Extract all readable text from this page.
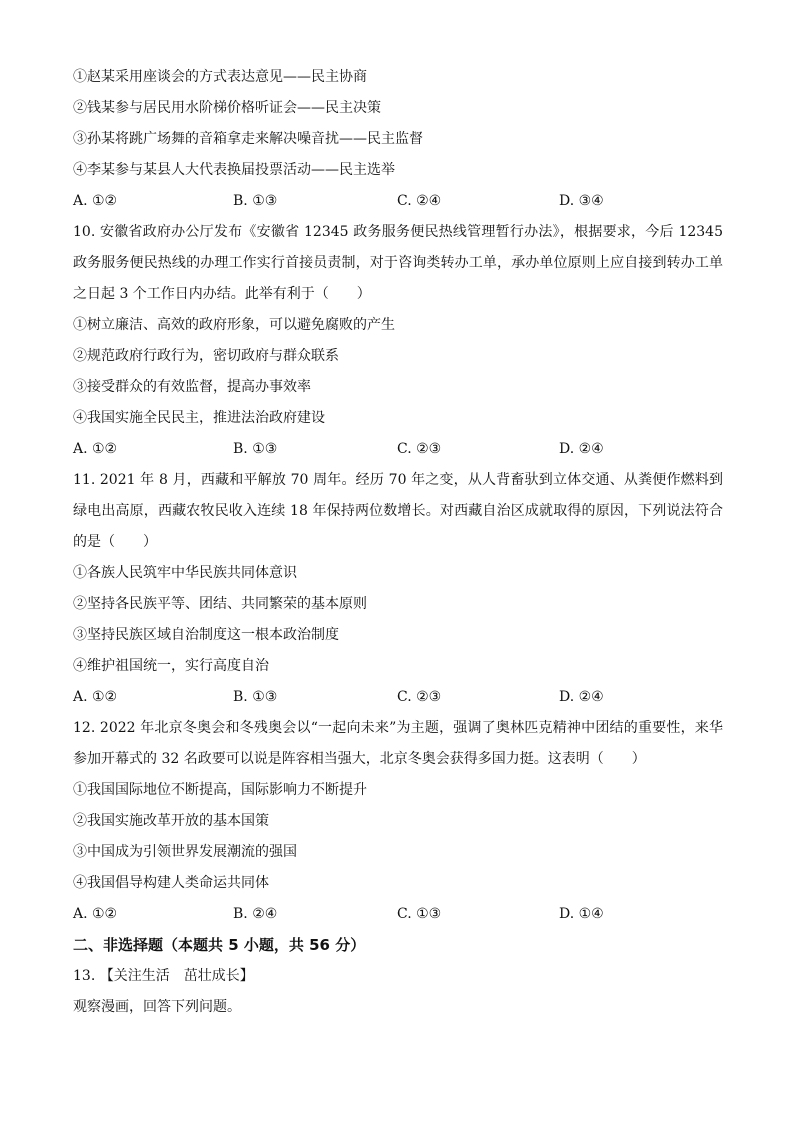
①赵某采用座谈会的方式表达意见——民主协商
②钱某参与居民用水阶梯价格听证会——民主决策
③孙某将跳广场舞的音箱拿走来解决噪音扰——民主监督
④李某参与某县人大代表换届投票活动——民主选举
A. ①②	B. ①③	C. ②④	D. ③④
10. 安徽省政府办公厅发布《安徽省 12345 政务服务便民热线管理暂行办法》，根据要求，今后 12345 政务服务便民热线的办理工作实行首接员责制，对于咨询类转办工单，承办单位原则上应自接到转办工单之日起 3 个工作日内办结。此举有利于（　　）
①树立廉洁、高效的政府形象，可以避免腐败的产生
②规范政府行政行为，密切政府与群众联系
③接受群众的有效监督，提高办事效率
④我国实施全民民主，推进法治政府建设
A. ①②	B. ①③	C. ②③	D. ②④
11. 2021 年 8 月，西藏和平解放 70 周年。经历 70 年之变，从人背畜驮到立体交通、从粪便作燃料到绿电出高原，西藏农牧民收入连续 18 年保持两位数增长。对西藏自治区成就取得的原因，下列说法符合的是（　　）
①各族人民筑牢中华民族共同体意识
②坚持各民族平等、团结、共同繁荣的基本原则
③坚持民族区域自治制度这一根本政治制度
④维护祖国统一，实行高度自治
A. ①②	B. ①③	C. ②③	D. ②④
12. 2022 年北京冬奥会和冬残奥会以“一起向未来”为主题，强调了奥林匹克精神中团结的重要性，来华参加开幕式的 32 名政要可以说是阵容相当强大，北京冬奥会获得多国力挺。这表明（　　）
①我国国际地位不断提高，国际影响力不断提升
②我国实施改革开放的基本国策
③中国成为引领世界发展潮流的强国
④我国倡导构建人类命运共同体
A. ①②	B. ②④	C. ①③	D. ①④
二、非选择题（本题共 5 小题，共 56 分）
13. 【关注生活　茁壮成长】
观察漫画，回答下列问题。
